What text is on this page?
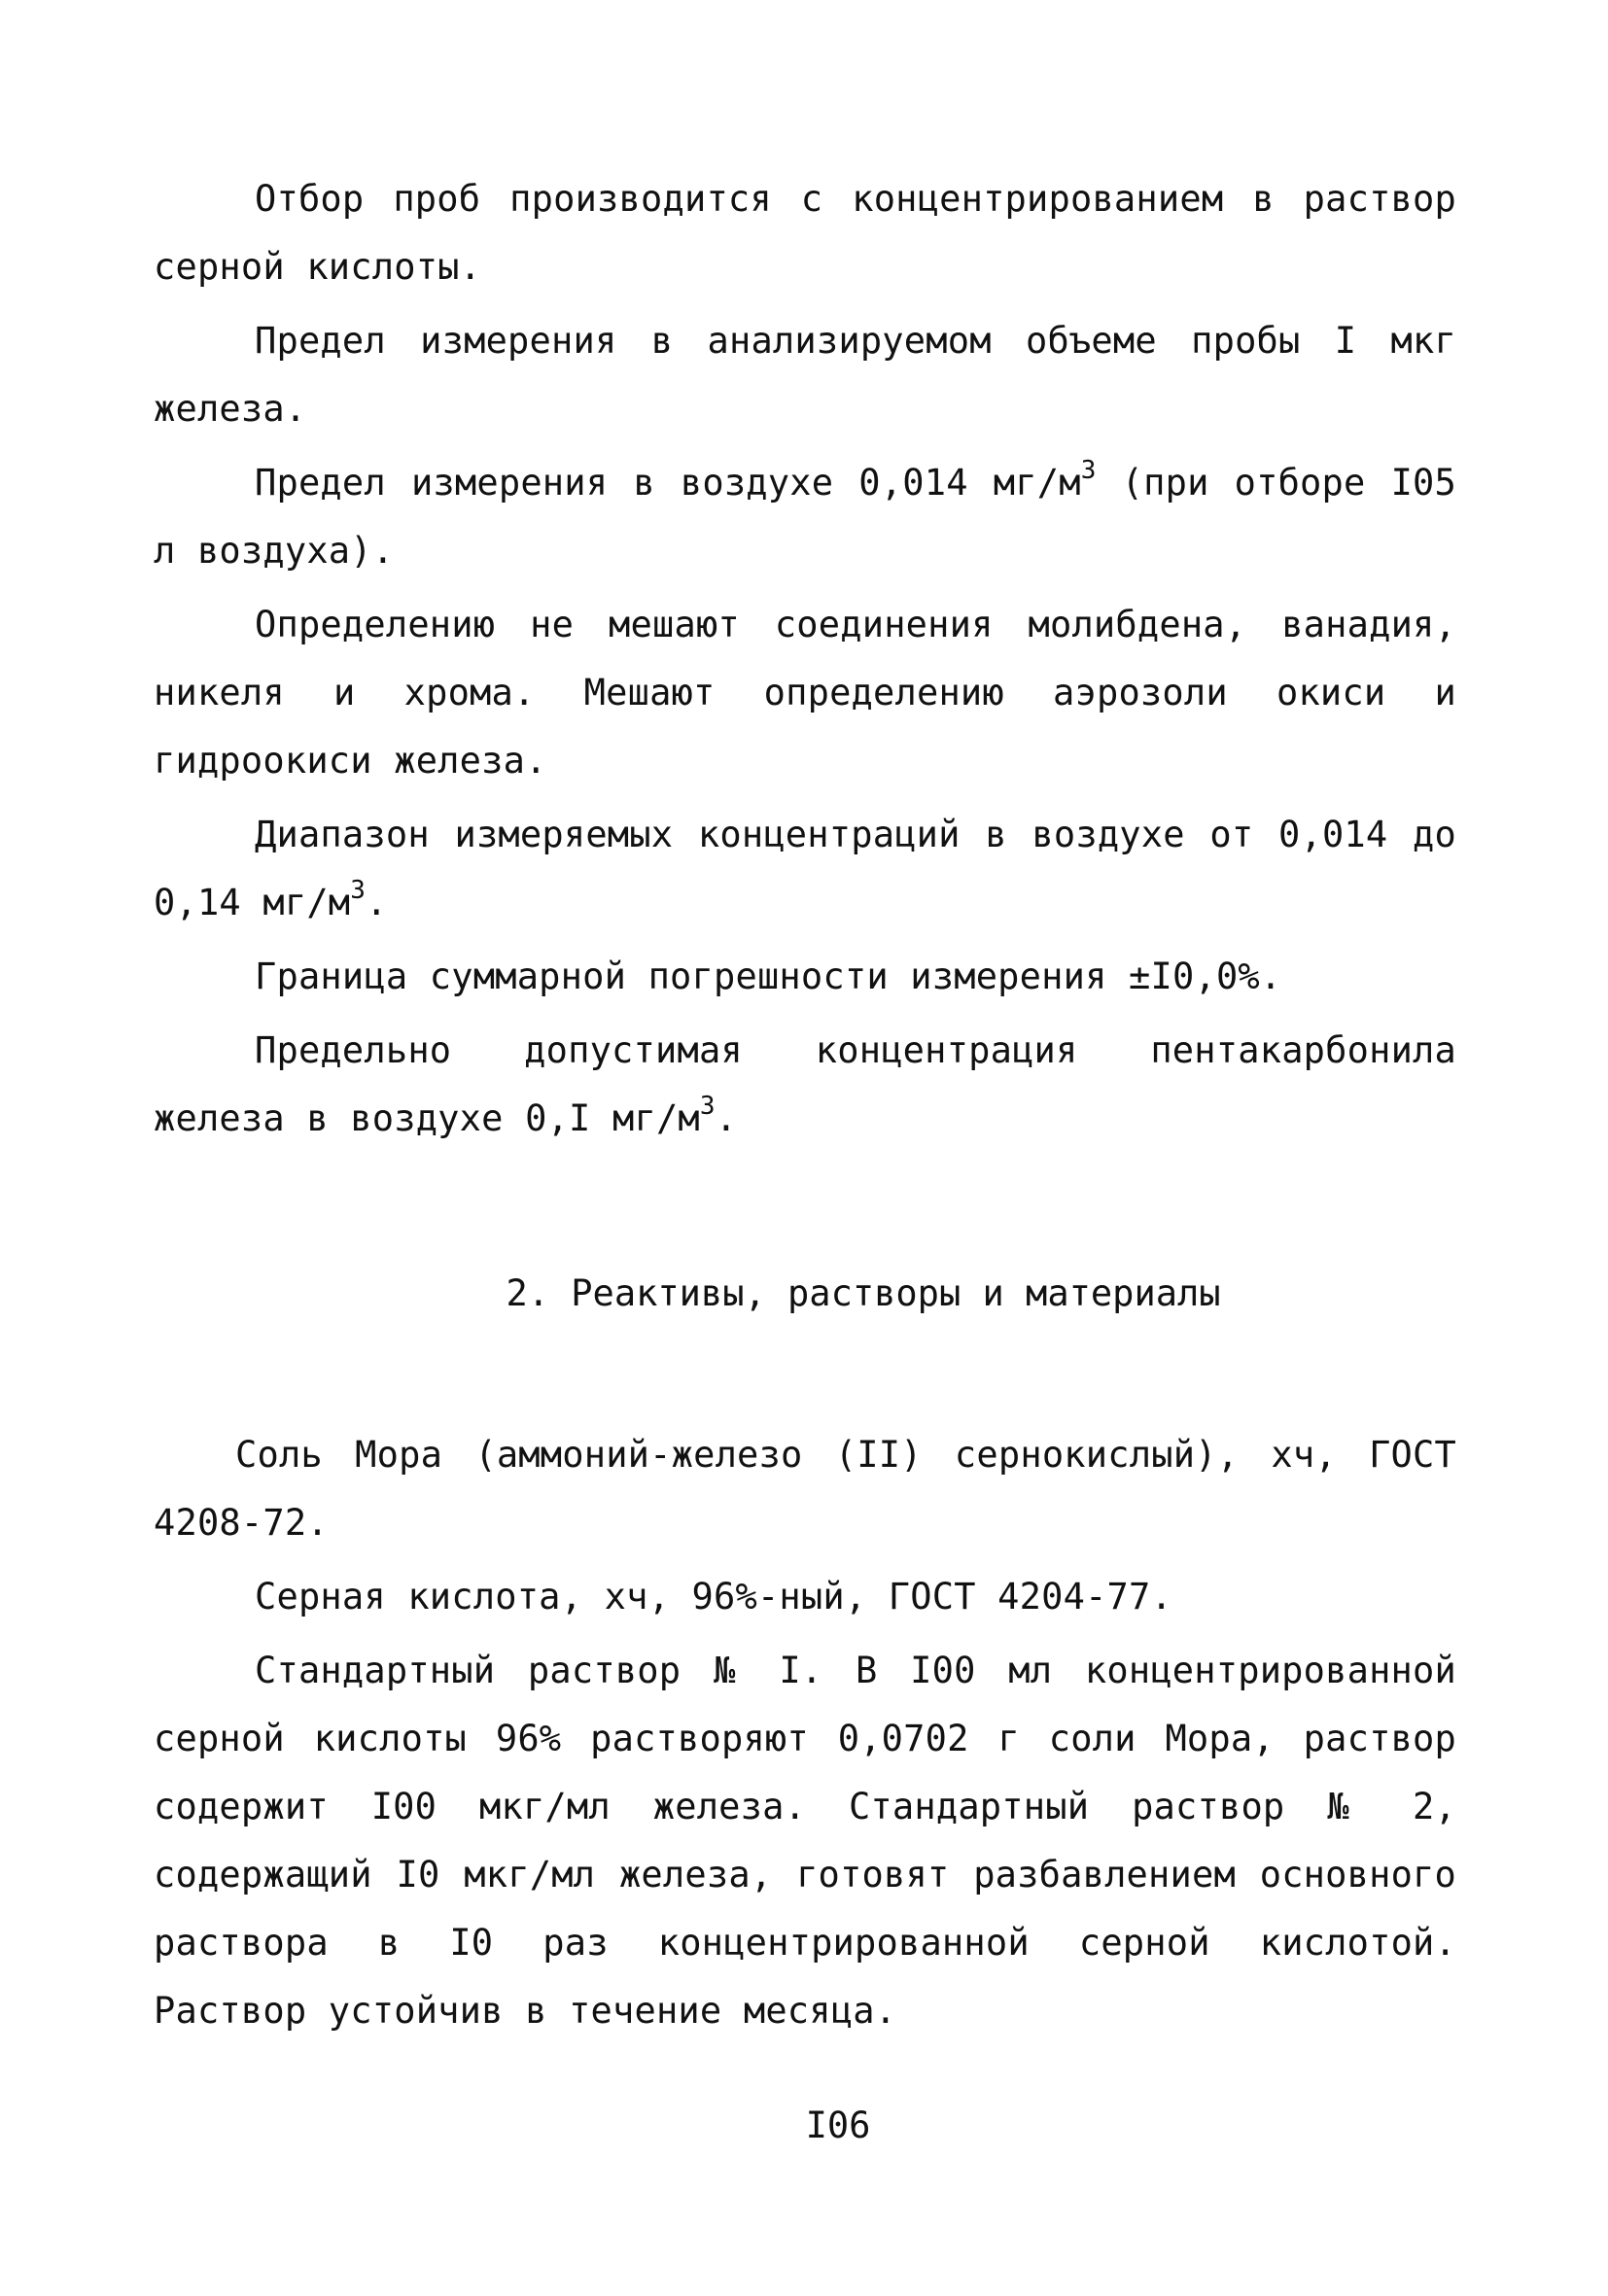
Отбор проб производится с концентрированием в раствор серной кислоты.

Предел измерения в анализируемом объеме пробы I мкг железа.

Предел измерения в воздухе 0,014 $мг/м^3$ (при отборе I05 л воздуха).

Определению не мешают соединения молибдена, ванадия, никеля и хрома. Мешают определению аэрозоли окиси и гидроокиси железа.

Диапазон измеряемых концентраций в воздухе от 0,014 до 0,14 $мг/м^3$.

Граница суммарной погрешности измерения ±I0,0%.

Предельно допустимая концентрация пентакарбонила железа в воздухе 0,I $мг/м^3$.

2. Реактивы, растворы и материалы

Соль Мора (аммоний-железо (II) сернокислый), хч, ГОСТ 4208-72.

Серная кислота, хч, 96%-ный, ГОСТ 4204-77.

Стандартный раствор № I. В I00 мл концентрированной серной кислоты 96% растворяют 0,0702 г соли Мора, раствор содержит I00 мкг/мл железа. Стандартный раствор № 2, содержащий I0 мкг/мл железа, готовят разбавлением основного раствора в I0 раз концентрированной серной кислотой. Раствор устойчив в течение месяца.

I06
